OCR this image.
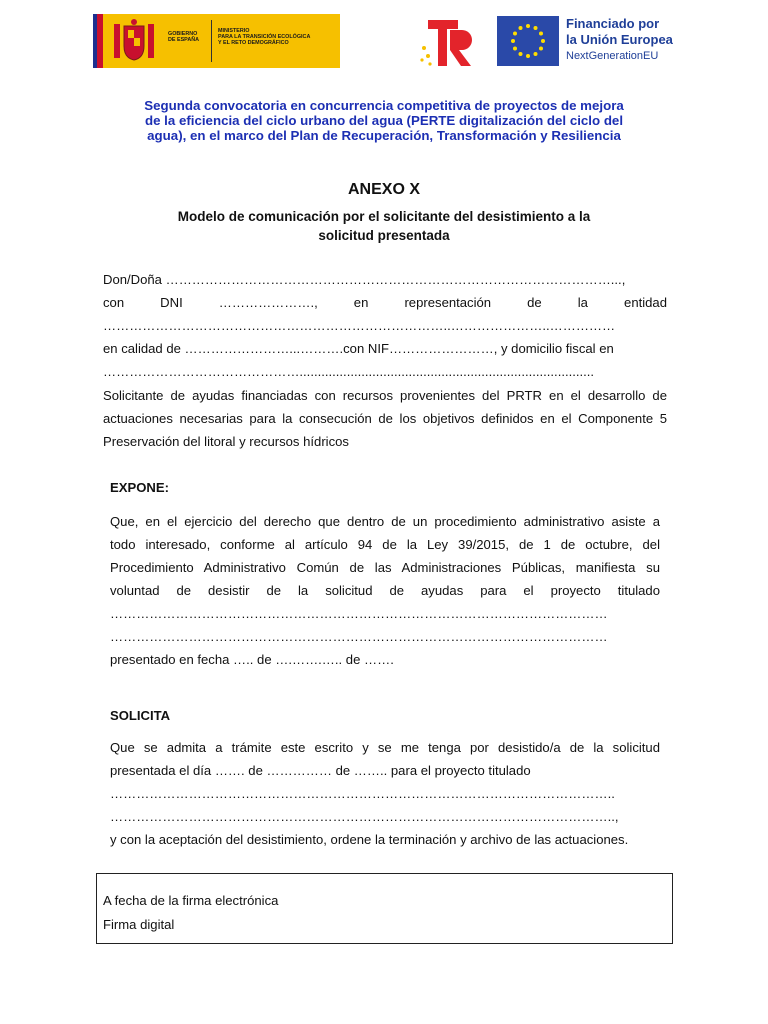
GOBIERNO
DE ESPAÑA
MINISTERIO
PARA LA TRANSICIÓN ECOLÓGICA
Y EL RETO DEMOGRÁFICO
Financiado por
la Unión Europea
NextGenerationEU
Segunda convocatoria en concurrencia competitiva de proyectos de mejora
de la eficiencia del ciclo urbano del agua (PERTE digitalización del ciclo del
agua), en el marco del Plan de Recuperación, Transformación y Resiliencia
ANEXO X
Modelo de comunicación por el solicitante del desistimiento a la
solicitud presentada
Don/Doña …………………………………………………………………………………………...,
con DNI …………………., en representación de la entidad
……………………………………………………………………..…………………..……………
en calidad de ……………………...……….con NIF……………………, y domicilio fiscal en
……………………………………….................................................................................
Solicitante de ayudas financiadas con recursos provenientes del PRTR en el desarrollo de actuaciones necesarias para la consecución de los objetivos definidos en el Componente 5 Preservación del litoral y recursos hídricos
EXPONE:
Que, en el ejercicio del derecho que dentro de un procedimiento administrativo asiste a
todo interesado, conforme al artículo 94 de la Ley 39/2015, de 1 de octubre, del
Procedimiento Administrativo Común de las Administraciones Públicas, manifiesta su
voluntad de desistir de la solicitud de ayudas para el proyecto titulado
……………………………………………………………………………………………………
……………………………………………………………………………………………………
presentado en fecha ….. de ….…….….. de …….
SOLICITA
Que se admita a trámite este escrito y se me tenga por desistido/a de la solicitud
presentada el día ……. de …………… de …….. para el proyecto titulado
……………………………………………………………………………………………………..
……………………………………………………………………………………………………..,
y con la aceptación del desistimiento, ordene la terminación y archivo de las actuaciones.
A fecha de la firma electrónica
Firma digital
